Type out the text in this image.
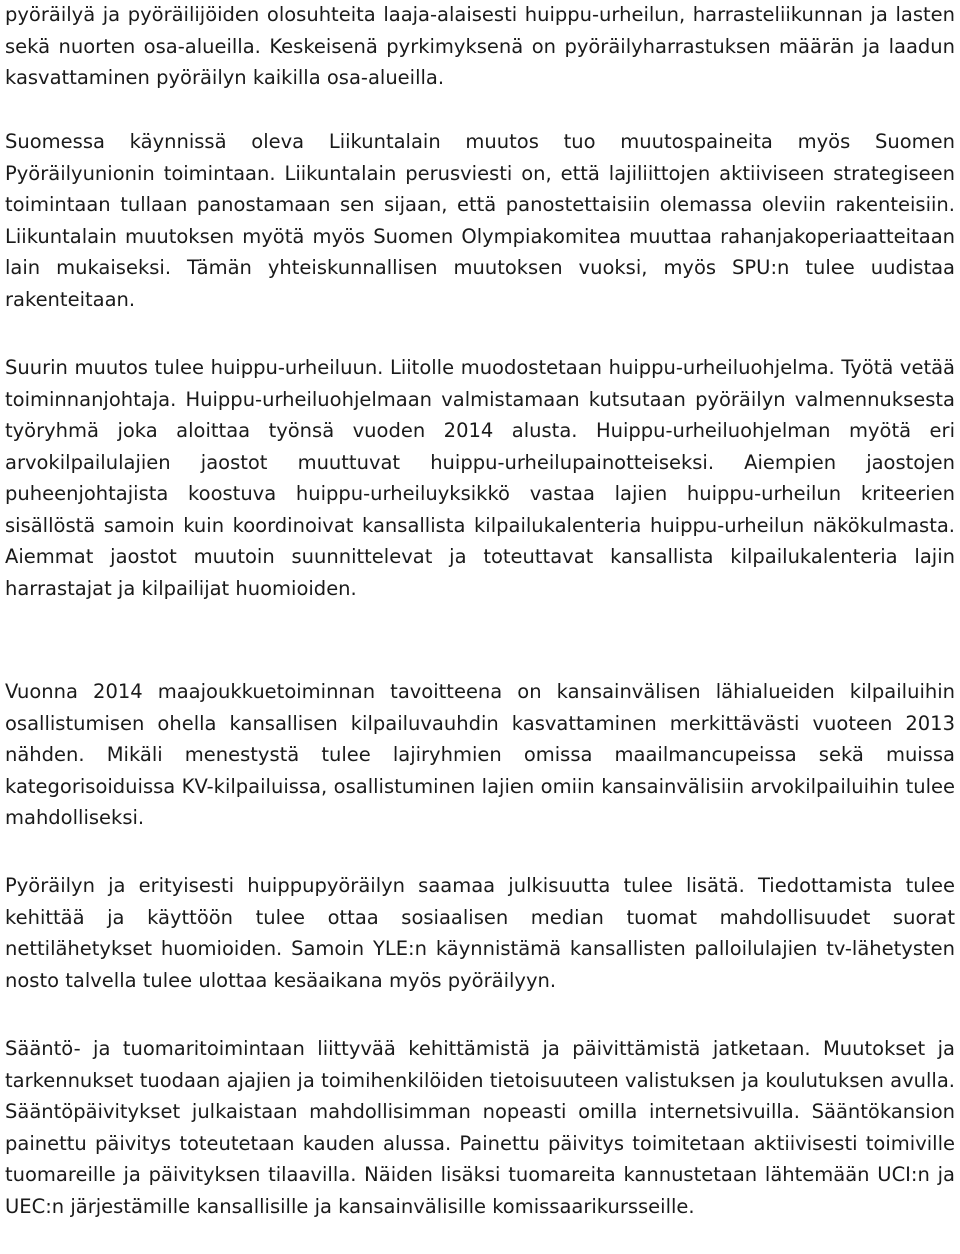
pyöräilyä ja pyöräilijöiden olosuhteita laaja-alaisesti huippu-urheilun, harrasteliikunnan ja lasten sekä nuorten osa-alueilla. Keskeisenä pyrkimyksenä on pyöräilyharrastuksen määrän ja laadun kasvattaminen pyöräilyn kaikilla osa-alueilla.

Suomessa käynnissä oleva Liikuntalain muutos tuo muutospaineita myös Suomen Pyöräilyunionin toimintaan. Liikuntalain perusviesti on, että lajiliittojen aktiiviseen strategiseen toimintaan tullaan panostamaan sen sijaan, että panostettaisiin olemassa oleviin rakenteisiin. Liikuntalain muutoksen myötä myös Suomen Olympiakomitea muuttaa rahanjakoperiaatteitaan lain mukaiseksi. Tämän yhteiskunnallisen muutoksen vuoksi, myös SPU:n tulee uudistaa rakenteitaan.

Suurin muutos tulee huippu-urheiluun. Liitolle muodostetaan huippu-urheiluohjelma. Työtä vetää toiminnanjohtaja. Huippu-urheiluohjelmaan valmistamaan kutsutaan pyöräilyn valmennuksesta työryhmä joka aloittaa työnsä vuoden 2014 alusta. Huippu-urheiluohjelman myötä eri arvokilpailulajien jaostot muuttuvat huippu-urheilupainotteiseksi. Aiempien jaostojen puheenjohtajista koostuva huippu-urheiluyksikkö vastaa lajien huippu-urheilun kriteerien sisällöstä samoin kuin koordinoivat kansallista kilpailukalenteria huippu-urheilun näkökulmasta. Aiemmat jaostot muutoin suunnittelevat ja toteuttavat kansallista kilpailukalenteria lajin harrastajat ja kilpailijat huomioiden.

Vuonna 2014 maajoukkuetoiminnan tavoitteena on kansainvälisen lähialueiden kilpailuihin osallistumisen ohella kansallisen kilpailuvauhdin kasvattaminen merkittävästi vuoteen 2013 nähden. Mikäli menestystä tulee lajiryhmien omissa maailmancupeissa sekä muissa kategorisoiduissa KV-kilpailuissa, osallistuminen lajien omiin kansainvälisiin arvokilpailuihin tulee mahdolliseksi.

Pyöräilyn ja erityisesti huippupyöräilyn saamaa julkisuutta tulee lisätä. Tiedottamista tulee kehittää ja käyttöön tulee ottaa sosiaalisen median tuomat mahdollisuudet suorat nettilähetykset huomioiden. Samoin YLE:n käynnistämä kansallisten palloilulajien tv-lähetysten nosto talvella tulee ulottaa kesäaikana myös pyöräilyyn.

Sääntö- ja tuomaritoimintaan liittyvää kehittämistä ja päivittämistä jatketaan. Muutokset ja tarkennukset tuodaan ajajien ja toimihenkilöiden tietoisuuteen valistuksen ja koulutuksen avulla. Sääntöpäivitykset julkaistaan mahdollisimman nopeasti omilla internetsivuilla. Sääntökansion painettu päivitys toteutetaan kauden alussa. Painettu päivitys toimitetaan aktiivisesti toimiville tuomareille ja päivityksen tilaavilla. Näiden lisäksi tuomareita kannustetaan lähtemään UCI:n ja UEC:n järjestämille kansallisille ja kansainvälisille komissaarikursseille.
